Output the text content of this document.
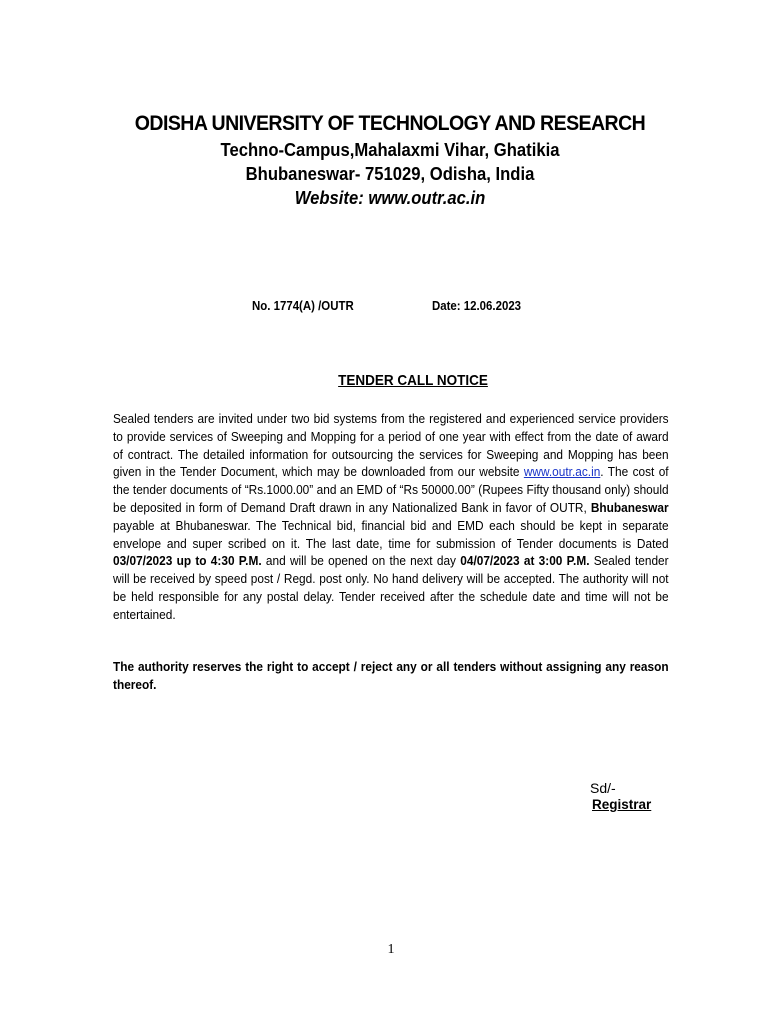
ODISHA UNIVERSITY OF TECHNOLOGY AND RESEARCH
Techno-Campus,Mahalaxmi Vihar, Ghatikia
Bhubaneswar- 751029, Odisha, India
Website: www.outr.ac.in
No. 1774(A) /OUTR	Date: 12.06.2023
TENDER CALL NOTICE
Sealed tenders are invited under two bid systems from the registered and experienced service providers to provide services of Sweeping and Mopping for a period of one year with effect from the date of award of contract. The detailed information for outsourcing the services for Sweeping and Mopping has been given in the Tender Document, which may be downloaded from our website www.outr.ac.in. The cost of the tender documents of “Rs.1000.00” and an EMD of “Rs 50000.00” (Rupees Fifty thousand only) should be deposited in form of Demand Draft drawn in any Nationalized Bank in favor of OUTR, Bhubaneswar payable at Bhubaneswar. The Technical bid, financial bid and EMD each should be kept in separate envelope and super scribed on it. The last date, time for submission of Tender documents is Dated 03/07/2023 up to 4:30 P.M. and will be opened on the next day 04/07/2023 at 3:00 P.M. Sealed tender will be received by speed post / Regd. post only. No hand delivery will be accepted. The authority will not be held responsible for any postal delay. Tender received after the schedule date and time will not be entertained.
The authority reserves the right to accept / reject any or all tenders without assigning any reason thereof.
Sd/-
Registrar
1
